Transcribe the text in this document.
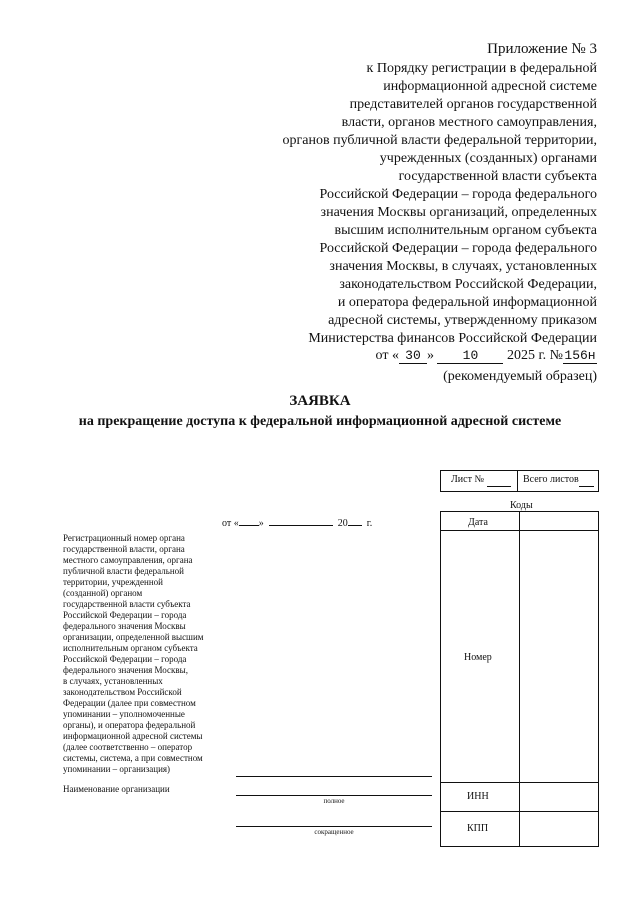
Приложение № 3
к Порядку регистрации в федеральной
информационной адресной системе
представителей органов государственной
власти, органов местного самоуправления,
органов публичной власти федеральной территории,
учрежденных (созданных) органами
государственной власти субъекта
Российской Федерации – города федерального
значения Москвы организаций, определенных
высшим исполнительным органом субъекта
Российской Федерации – города федерального
значения Москвы, в случаях, установленных
законодательством Российской Федерации,
и оператора федеральной информационной
адресной системы, утвержденному приказом
Министерства финансов Российской Федерации
от « 30 » 10 2025 г. №156н
(рекомендуемый образец)
ЗАЯВКА
на прекращение доступа к федеральной информационной адресной системе
Лист №	Всего листов
Коды
Дата
Номер
ИНН
КПП
от « »	20 г.
Регистрационный номер органа
государственной власти, органа
местного самоуправления, органа
публичной власти федеральной
территории, учрежденной
(созданной) органом
государственной власти субъекта
Российской Федерации – города
федерального значения Москвы
организации, определенной высшим
исполнительным органом субъекта
Российской Федерации – города
федерального значения Москвы,
в случаях, установленных
законодательством Российской
Федерации (далее при совместном
упоминании – уполномоченные
органы), и оператора федеральной
информационной адресной системы
(далее соответственно – оператор
системы, система, а при совместном
упоминании – организация)
Наименование организации
полное
сокращенное
